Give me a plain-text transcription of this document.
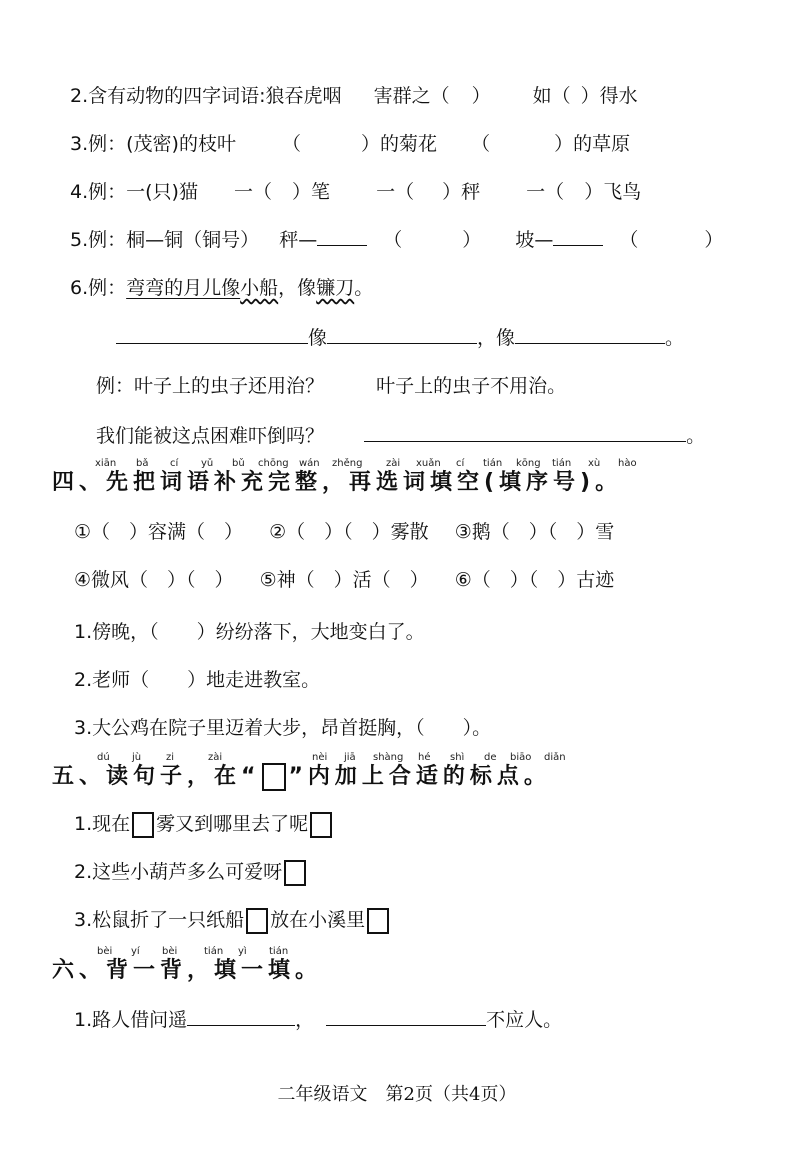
2.含有动物的四字词语:狼吞虎咽 害群之（ ） 如（ ）得水
3.例：(茂密)的枝叶 （	）的菊花 （	）的草原
4.例：一(只)猫 一（ ）笔 一（ ）秤 一（ ）飞鸟
5.例：桐—铜（铜号） 秤—	（	） 坡—	（	）
6.例：弯弯的月儿像小船，像镰刀。
像	，像	。
例：叶子上的虫子还用治？	叶子上的虫子不用治。
我们能被这点困难吓倒吗？	。
xiān bǎ cí yǔ bǔ chōng wán zhěng zài xuǎn cí tián kōng tián xù hào
四、先把词语补充完整，再选词填空(填序号)。
①（　）容满（　） ②（　）（　）雾散 ③鹅（　）（　）雪
④微风（　）（　） ⑤神（　）活（　） ⑥（　）（　）古迹
1.傍晚，（　　）纷纷落下，大地变白了。
2.老师（　　）地走进教室。
3.大公鸡在院子里迈着大步，昂首挺胸，（　　）。
dú jù zi	zài	nèi jiā shàng hé shì de biāo diǎn
五、读句子，在“ ”内加上合适的标点。
1.现在 雾又到哪里去了呢
2.这些小葫芦多么可爱呀
3.松鼠折了一只纸船 放在小溪里
bèi yí bèi	tián yì tián
六、背一背，填一填。
1.路人借问遥	，	不应人。
二年级语文　第2页（共4页）
